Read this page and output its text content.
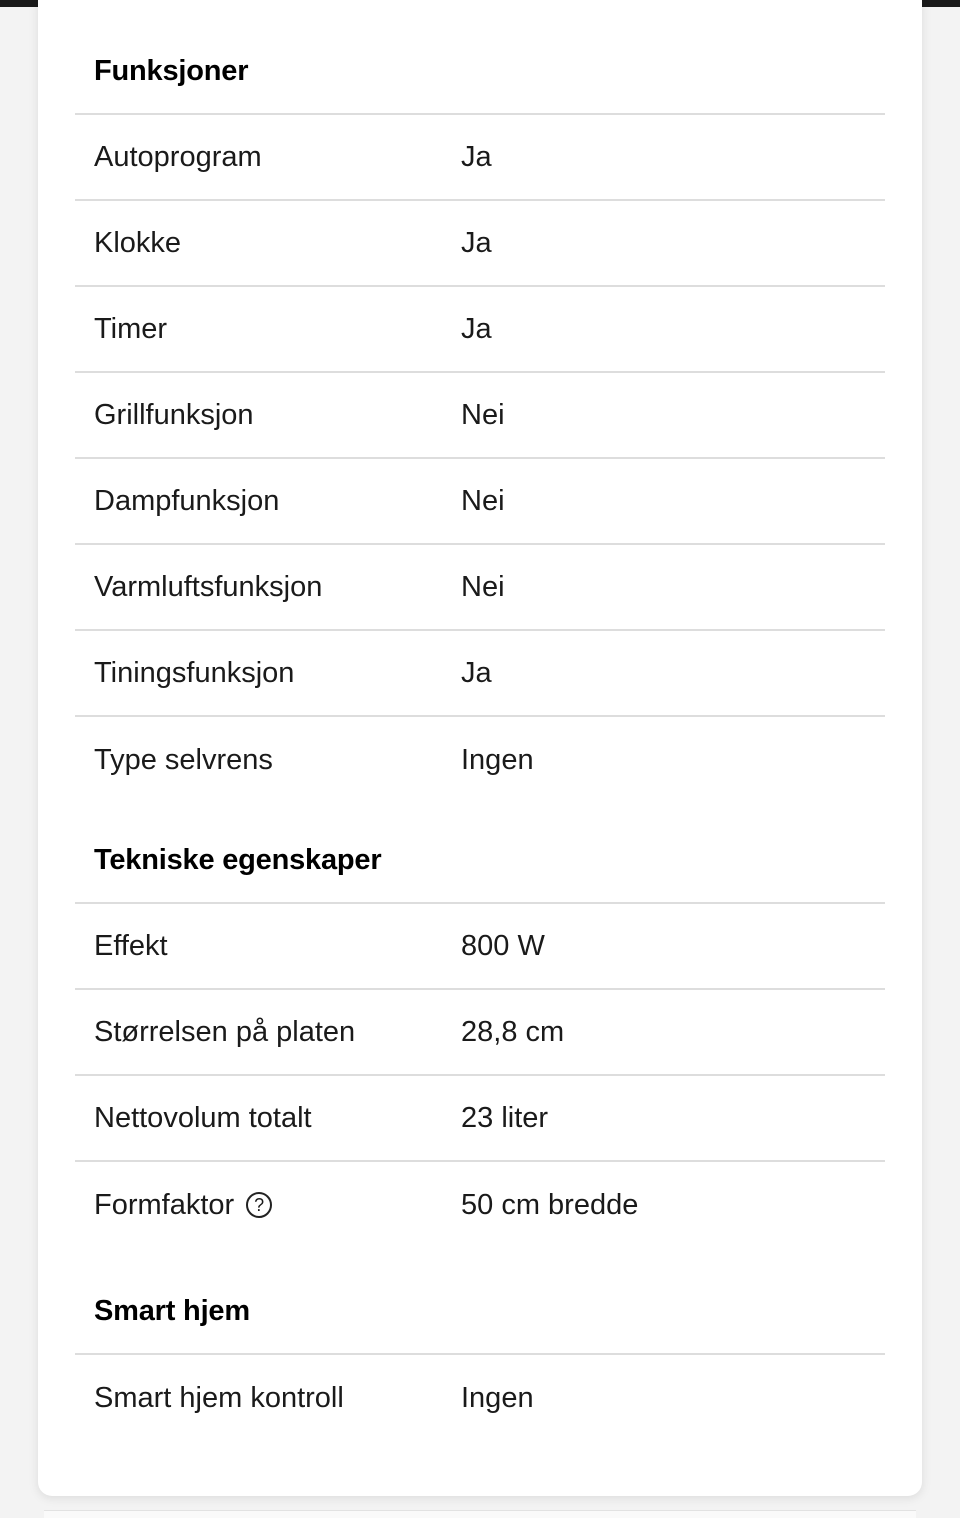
Funksjoner
Autoprogram	Ja
Klokke	Ja
Timer	Ja
Grillfunksjon	Nei
Dampfunksjon	Nei
Varmluftsfunksjon	Nei
Tiningsfunksjon	Ja
Type selvrens	Ingen
Tekniske egenskaper
Effekt	800 W
Størrelsen på platen	28,8 cm
Nettovolum totalt	23 liter
Formfaktor	?	50 cm bredde
Smart hjem
Smart hjem kontroll	Ingen
